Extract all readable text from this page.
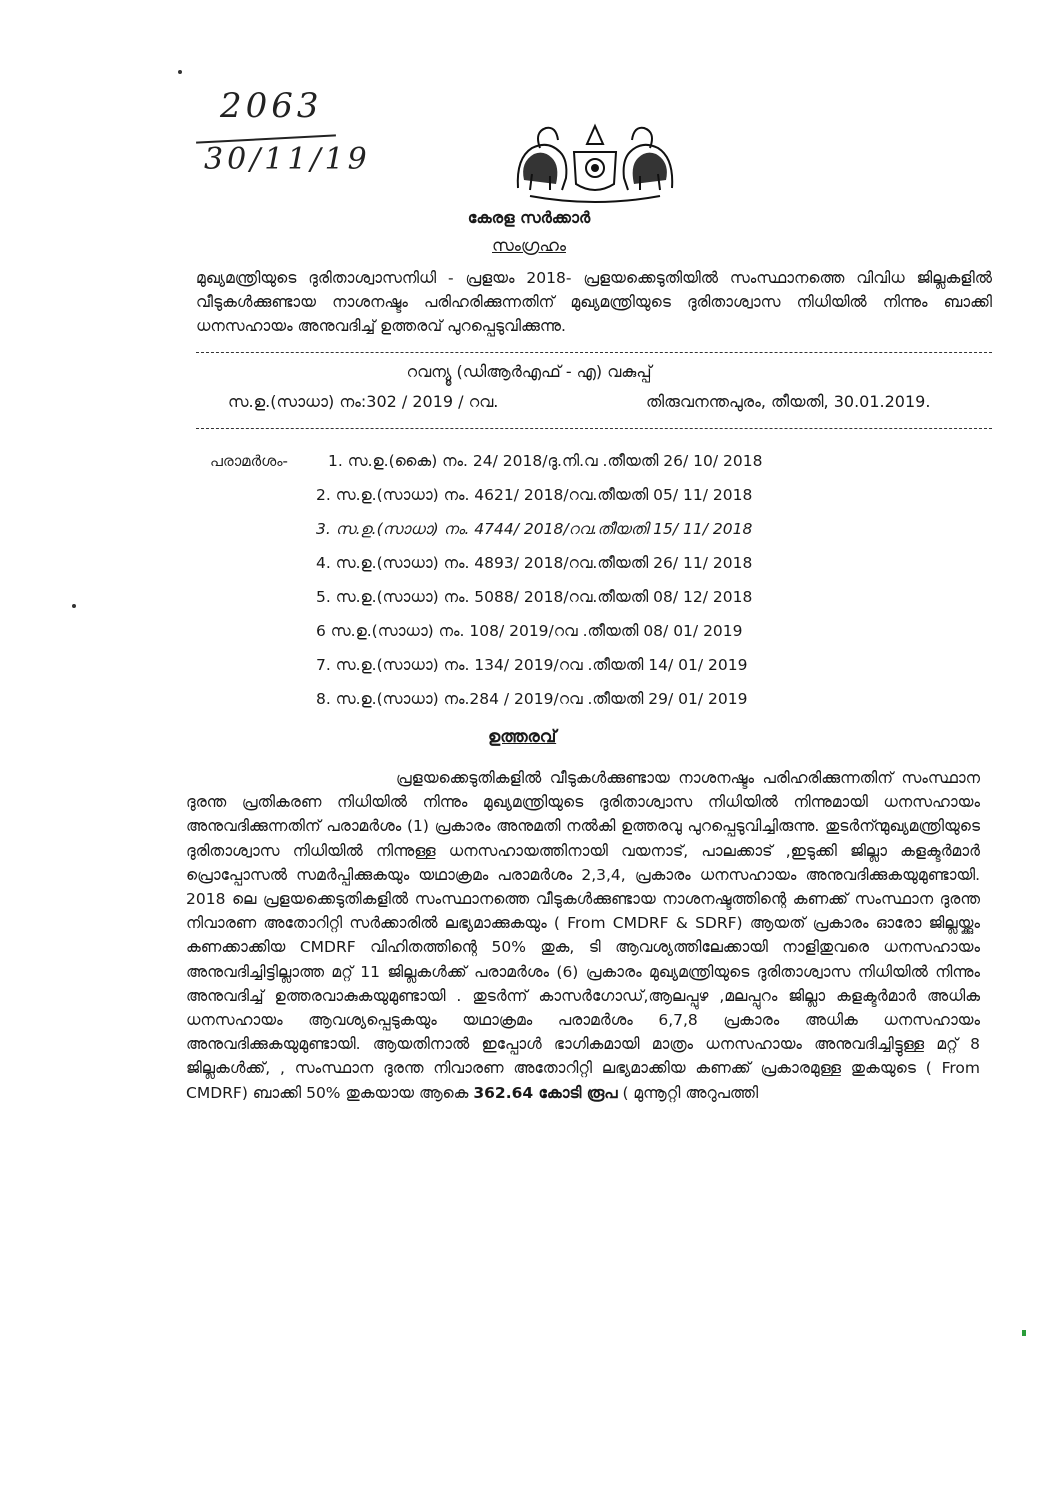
2063
30/11/19
കേരള സർക്കാർ
സംഗ്രഹം
മുഖ്യമന്ത്രിയുടെ ദുരിതാശ്വാസനിധി - പ്രളയം 2018- പ്രളയക്കെടുതിയിൽ സംസ്ഥാനത്തെ വിവിധ ജില്ലകളിൽ വീടുകൾക്കുണ്ടായ നാശനഷ്ടം പരിഹരിക്കുന്നതിന് മുഖ്യമന്ത്രിയുടെ ദുരിതാശ്വാസ നിധിയിൽ നിന്നും ബാക്കി ധനസഹായം അനുവദിച്ച് ഉത്തരവ് പുറപ്പെടുവിക്കുന്നു.
റവന്യൂ (ഡിആർഎഫ് - എ) വകുപ്പ്
സ.ഉ.(സാധാ) നം:302 / 2019 / റവ.	തിരുവനന്തപുരം, തീയതി, 30.01.2019.
പരാമർശം-	1. സ.ഉ.(കൈ) നം. 24/ 2018/ദു.നി.വ .തീയതി 26/ 10/ 2018
2. സ.ഉ.(സാധാ) നം. 4621/ 2018/റവ.തീയതി 05/ 11/ 2018
3. സ.ഉ.(സാധാ) നം. 4744/ 2018/റവ.തീയതി 15/ 11/ 2018
4. സ.ഉ.(സാധാ) നം. 4893/ 2018/റവ.തീയതി 26/ 11/ 2018
5. സ.ഉ.(സാധാ) നം. 5088/ 2018/റവ.തീയതി 08/ 12/ 2018
6 സ.ഉ.(സാധാ) നം. 108/ 2019/റവ .തീയതി 08/ 01/ 2019
7. സ.ഉ.(സാധാ) നം. 134/ 2019/റവ .തീയതി 14/ 01/ 2019
8. സ.ഉ.(സാധാ) നം.284 / 2019/റവ .തീയതി 29/ 01/ 2019
ഉത്തരവ്
പ്രളയക്കെടുതികളിൽ വീടുകൾക്കുണ്ടായ നാശനഷ്ടം പരിഹരിക്കുന്നതിന് സംസ്ഥാന ദുരന്ത പ്രതികരണ നിധിയിൽ നിന്നും മുഖ്യമന്ത്രിയുടെ ദുരിതാശ്വാസ നിധിയിൽ നിന്നുമായി ധനസഹായം അനുവദിക്കുന്നതിന് പരാമർശം (1) പ്രകാരം അനുമതി നൽകി ഉത്തരവു പുറപ്പെടുവിച്ചിരുന്നു. തുടർന്ന്മുഖ്യമന്ത്രിയുടെ ദുരിതാശ്വാസ നിധിയിൽ നിന്നുള്ള ധനസഹായത്തിനായി വയനാട്, പാലക്കാട് ,ഇടുക്കി ജില്ലാ കളക്ടർമാർ പ്രൊപ്പോസൽ സമർപ്പിക്കുകയും യഥാക്രമം പരാമർശം 2,3,4, പ്രകാരം ധനസഹായം അനുവദിക്കുകയുമുണ്ടായി. 2018 ലെ പ്രളയക്കെടുതികളിൽ സംസ്ഥാനത്തെ വീടുകൾക്കുണ്ടായ നാശനഷ്ടത്തിന്റെ കണക്ക് സംസ്ഥാന ദുരന്ത നിവാരണ അതോറിറ്റി സർക്കാരിൽ ലഭ്യമാക്കുകയും ( From CMDRF & SDRF) ആയത് പ്രകാരം ഓരോ ജില്ലയ്ക്കും കണക്കാക്കിയ CMDRF വിഹിതത്തിന്റെ 50% തുക, ടി ആവശ്യത്തിലേക്കായി നാളിതുവരെ ധനസഹായം അനുവദിച്ചിട്ടില്ലാത്ത മറ്റ് 11 ജില്ലകൾക്ക് പരാമർശം (6) പ്രകാരം മുഖ്യമന്ത്രിയുടെ ദുരിതാശ്വാസ നിധിയിൽ നിന്നും അനുവദിച്ച് ഉത്തരവാകുകയുമുണ്ടായി . തുടർന്ന് കാസർഗോഡ്,ആലപ്പുഴ ,മലപ്പുറം ജില്ലാ കളക്ടർമാർ അധിക ധനസഹായം ആവശ്യപ്പെടുകയും യഥാക്രമം പരാമർശം 6,7,8 പ്രകാരം അധിക ധനസഹായം അനുവദിക്കുകയുമുണ്ടായി. ആയതിനാൽ ഇപ്പോൾ ഭാഗികമായി മാത്രം ധനസഹായം അനുവദിച്ചിട്ടുള്ള മറ്റ് 8 ജില്ലകൾക്ക്, , സംസ്ഥാന ദുരന്ത നിവാരണ അതോറിറ്റി ലഭ്യമാക്കിയ കണക്ക് പ്രകാരമുള്ള തുകയുടെ ( From CMDRF) ബാക്കി 50% തുകയായ ആകെ 362.64 കോടി രൂപ ( മുന്നൂറ്റി അറുപത്തി
